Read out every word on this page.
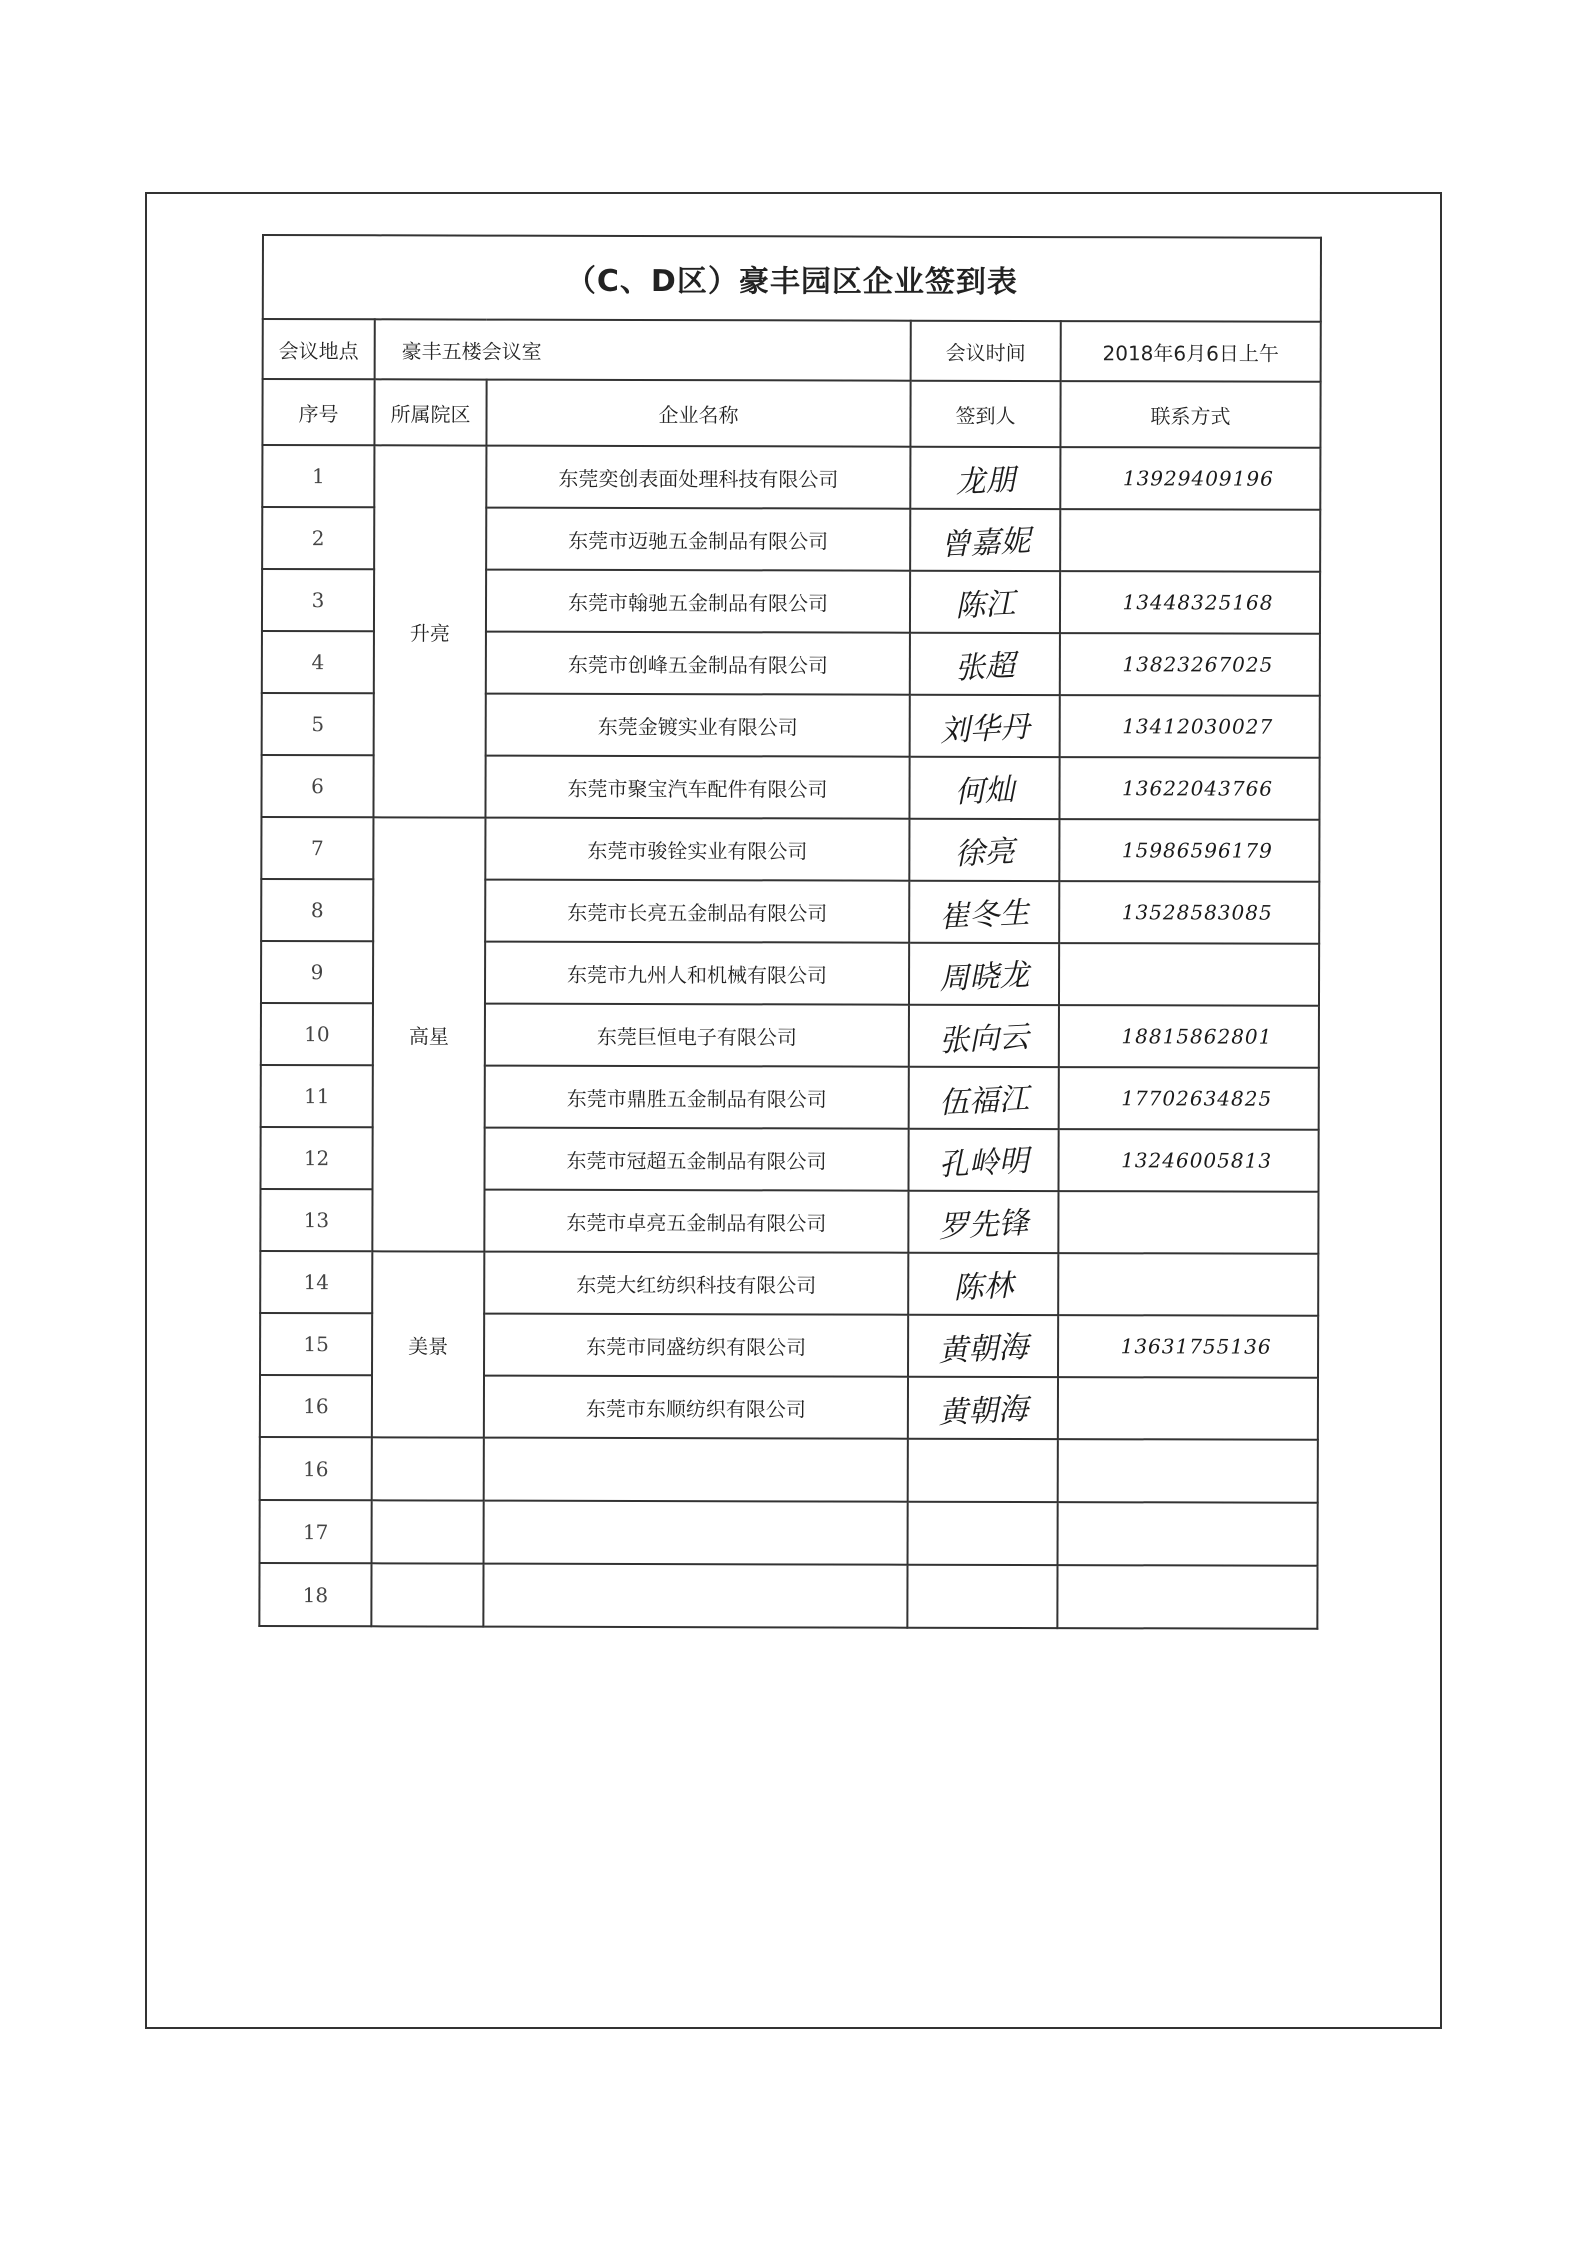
（C、D区）豪丰园区企业签到表				
会议地点	豪丰五楼会议室		会议时间	2018年6月6日上午
序号	所属院区	企业名称	签到人	联系方式
1	升亮	东莞奕创表面处理科技有限公司	龙朋	13929409196
2		东莞市迈驰五金制品有限公司	曾嘉妮	
3		东莞市翰驰五金制品有限公司	陈江	13448325168
4		东莞市创峰五金制品有限公司	张超	13823267025
5		东莞金镀实业有限公司	刘华丹	13412030027
6		东莞市聚宝汽车配件有限公司	何灿	13622043766
7	高星	东莞市骏铨实业有限公司	徐亮	15986596179
8		东莞市长亮五金制品有限公司	崔冬生	13528583085
9		东莞市九州人和机械有限公司	周晓龙	
10		东莞巨恒电子有限公司	张向云	18815862801
11		东莞市鼎胜五金制品有限公司	伍福江	17702634825
12		东莞市冠超五金制品有限公司	孔岭明	13246005813
13		东莞市卓亮五金制品有限公司	罗先锋	
14	美景	东莞大红纺织科技有限公司	陈林	
15		东莞市同盛纺织有限公司	黄朝海	13631755136
16		东莞市东顺纺织有限公司	黄朝海	
16				
17				
18				
